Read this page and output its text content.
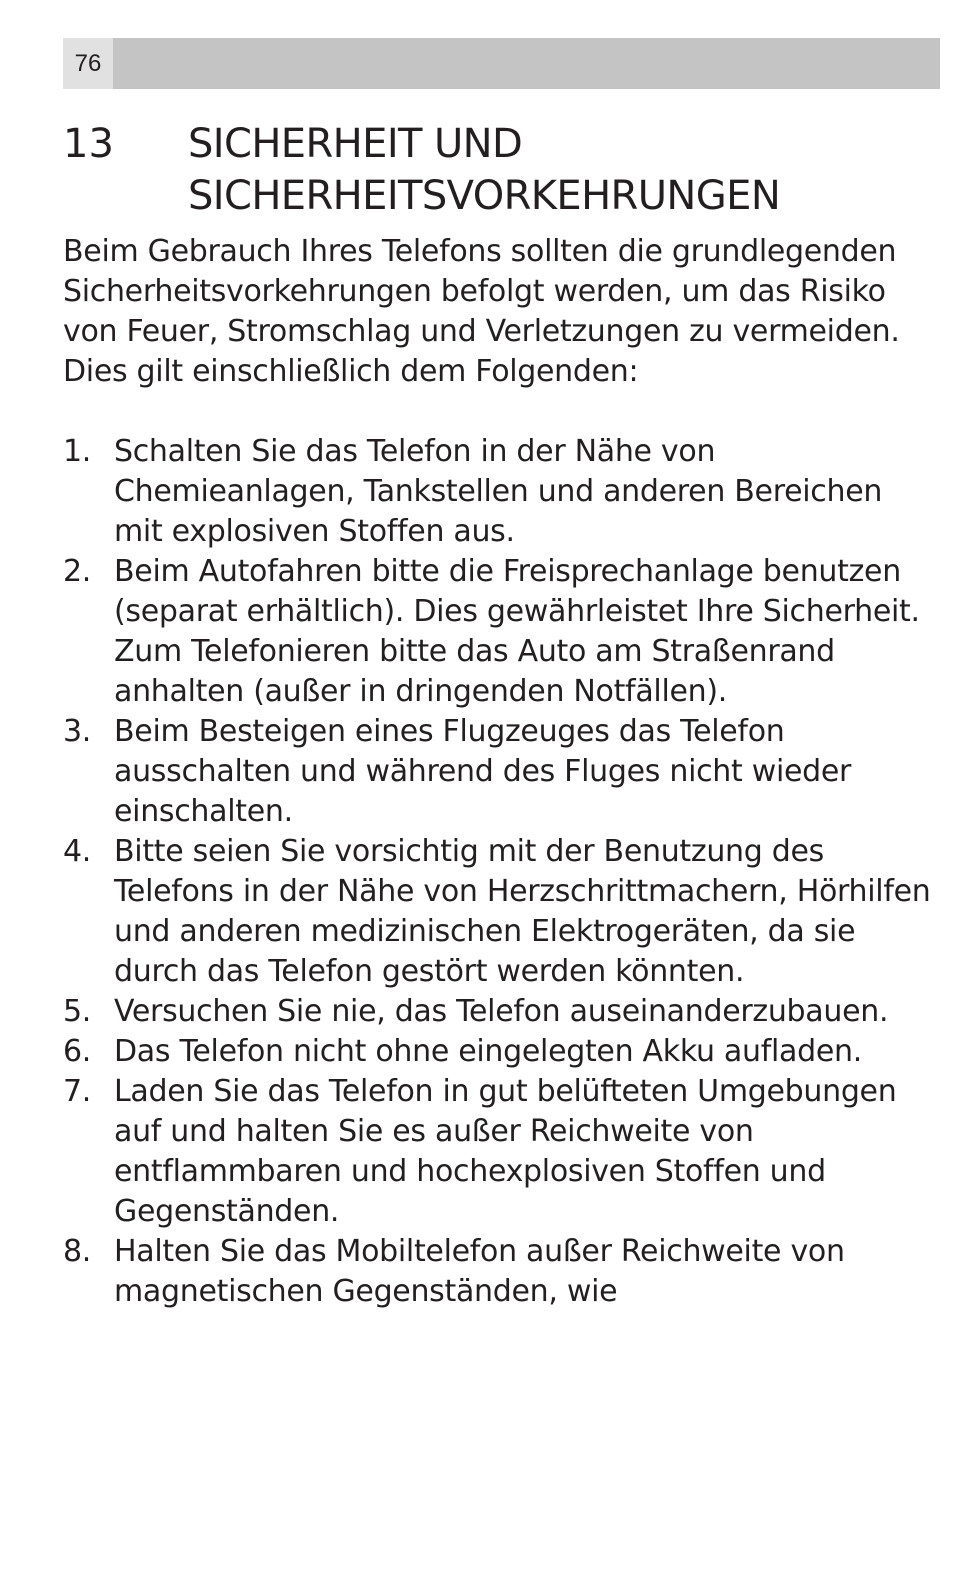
76
13 SICHERHEIT UND
SICHERHEITSVORKEHRUNGEN

Beim Gebrauch Ihres Telefons sollten die grundlegenden Sicherheitsvorkehrungen befolgt werden, um das Risiko von Feuer, Stromschlag und Verletzungen zu vermeiden. Dies gilt einschließlich dem Folgenden:

1. Schalten Sie das Telefon in der Nähe von Chemieanlagen, Tankstellen und anderen Bereichen mit explosiven Stoffen aus.
2. Beim Autofahren bitte die Freisprechanlage benutzen (separat erhältlich). Dies gewährleistet Ihre Sicherheit. Zum Telefonieren bitte das Auto am Straßenrand anhalten (außer in dringenden Notfällen).
3. Beim Besteigen eines Flugzeuges das Telefon ausschalten und während des Fluges nicht wieder einschalten.
4. Bitte seien Sie vorsichtig mit der Benutzung des Telefons in der Nähe von Herzschrittmachern, Hörhilfen und anderen medizinischen Elektrogeräten, da sie durch das Telefon gestört werden könnten.
5. Versuchen Sie nie, das Telefon auseinanderzubauen.
6. Das Telefon nicht ohne eingelegten Akku aufladen.
7. Laden Sie das Telefon in gut belüfteten Umgebungen auf und halten Sie es außer Reichweite von entflammbaren und hochexplosiven Stoffen und Gegenständen.
8. Halten Sie das Mobiltelefon außer Reichweite von magnetischen Gegenständen, wie
